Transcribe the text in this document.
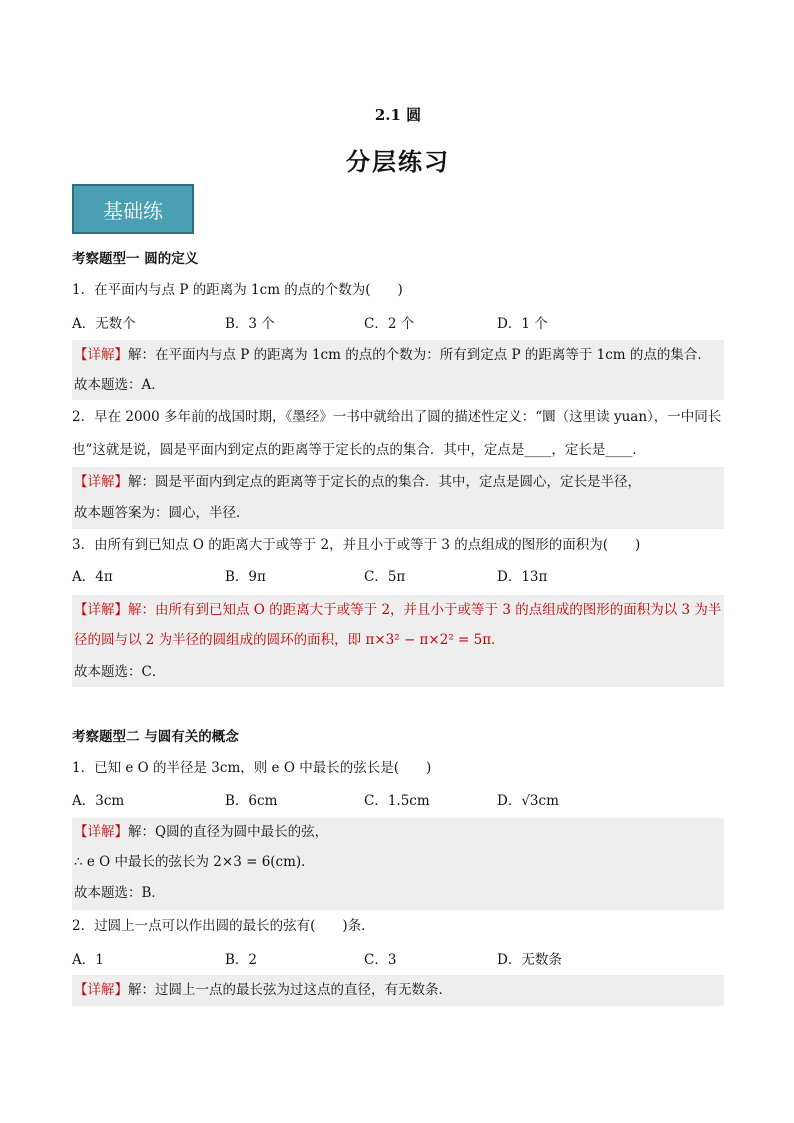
2.1 圆
分层练习
基础练
考察题型一 圆的定义
1．在平面内与点 P 的距离为 1cm 的点的个数为(　　)
A．无数个	B．3 个	C．2 个	D．1 个
【详解】解：在平面内与点 P 的距离为 1cm 的点的个数为：所有到定点 P 的距离等于 1cm 的点的集合．
故本题选：A．
2．早在 2000 多年前的战国时期，《墨经》一书中就给出了圆的描述性定义：“圜（这里读 yuan），一中同长
也”这就是说，圆是平面内到定点的距离等于定长的点的集合．其中，定点是____，定长是____．
【详解】解：圆是平面内到定点的距离等于定长的点的集合．其中，定点是圆心，定长是半径，
故本题答案为：圆心，半径．
3．由所有到已知点 O 的距离大于或等于 2，并且小于或等于 3 的点组成的图形的面积为(　　)
A．4π	B．9π	C．5π	D．13π
【详解】解：由所有到已知点 O 的距离大于或等于 2，并且小于或等于 3 的点组成的图形的面积为以 3 为半
径的圆与以 2 为半径的圆组成的圆环的面积，即 π×3² − π×2² = 5π．
故本题选：C．
考察题型二 与圆有关的概念
1．已知 e O 的半径是 3cm，则 e O 中最长的弦长是(　　)
A．3cm	B．6cm	C．1.5cm	D．√3cm
【详解】解：Q圆的直径为圆中最长的弦，
∴ e O 中最长的弦长为 2×3 = 6(cm)．
故本题选：B．
2．过圆上一点可以作出圆的最长的弦有(　　)条．
A．1	B．2	C．3	D．无数条
【详解】解：过圆上一点的最长弦为过这点的直径，有无数条．
